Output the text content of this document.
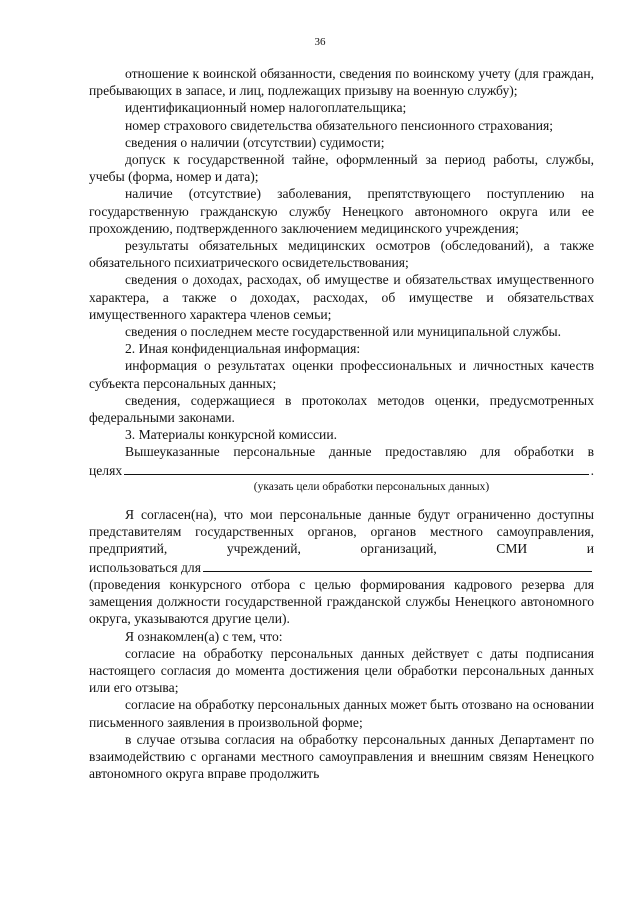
36

отношение к воинской обязанности, сведения по воинскому учету (для граждан, пребывающих в запасе, и лиц, подлежащих призыву на военную службу);

идентификационный номер налогоплательщика;

номер страхового свидетельства обязательного пенсионного страхования;

сведения о наличии (отсутствии) судимости;

допуск к государственной тайне, оформленный за период работы, службы, учебы (форма, номер и дата);

наличие (отсутствие) заболевания, препятствующего поступлению на государственную гражданскую службу Ненецкого автономного округа или ее прохождению, подтвержденного заключением медицинского учреждения;

результаты обязательных медицинских осмотров (обследований), а также обязательного психиатрического освидетельствования;

сведения о доходах, расходах, об имуществе и обязательствах имущественного характера, а также о доходах, расходах, об имуществе и обязательствах имущественного характера членов семьи;

сведения о последнем месте государственной или муниципальной службы.

2. Иная конфиденциальная информация:

информация о результатах оценки профессиональных и личностных качеств субъекта персональных данных;

сведения, содержащиеся в протоколах методов оценки, предусмотренных федеральными законами.

3. Материалы конкурсной комиссии.

Вышеуказанные персональные данные предоставляю для обработки в

целях	.

(указать цели обработки персональных данных)

Я согласен(на), что мои персональные данные будут ограниченно доступны представителям государственных органов, органов местного самоуправления, предприятий, учреждений, организаций, СМИ и

использоваться для

(проведения конкурсного отбора с целью формирования кадрового резерва для замещения должности государственной гражданской службы Ненецкого автономного округа, указываются другие цели).

Я ознакомлен(а) с тем, что:

согласие на обработку персональных данных действует с даты подписания настоящего согласия до момента достижения цели обработки персональных данных или его отзыва;

согласие на обработку персональных данных может быть отозвано на основании письменного заявления в произвольной форме;

в случае отзыва согласия на обработку персональных данных Департамент по взаимодействию с органами местного самоуправления и внешним связям Ненецкого автономного округа вправе продолжить
